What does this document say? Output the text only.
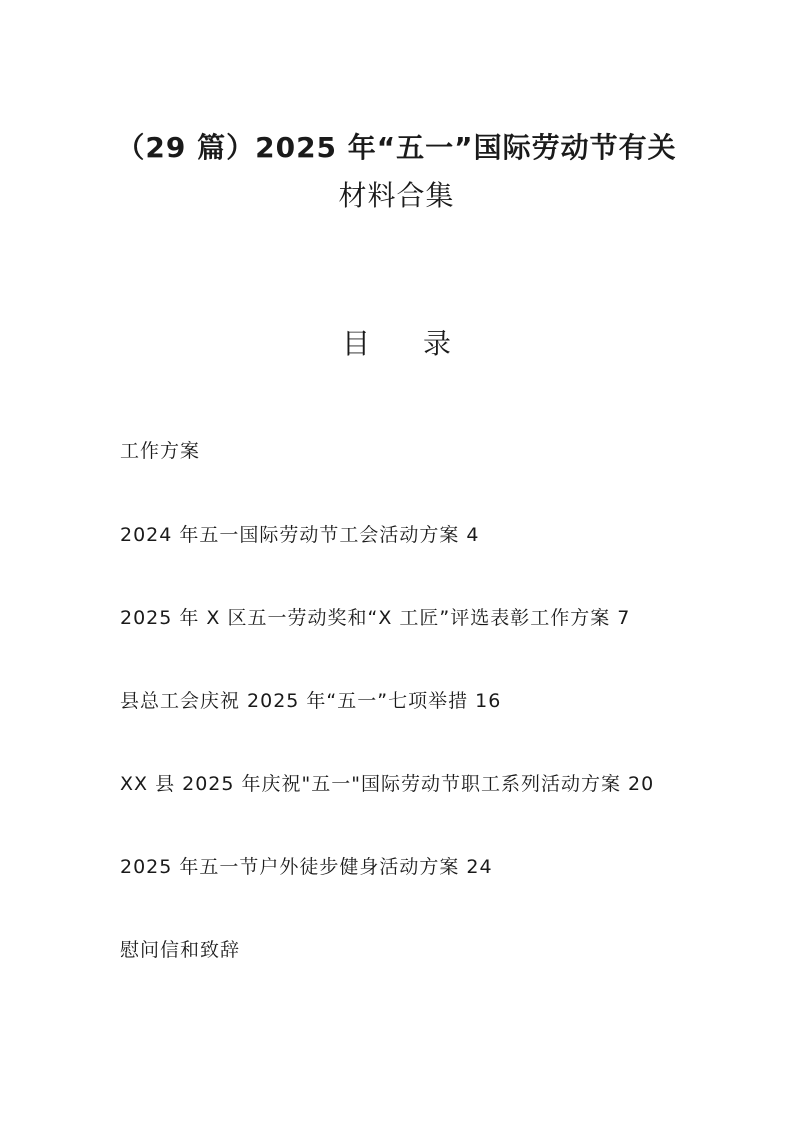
（29 篇）2025 年“五一”国际劳动节有关
材料合集
目 录
工作方案
2024 年五一国际劳动节工会活动方案 4
2025 年 X 区五一劳动奖和“X 工匠”评选表彰工作方案 7
县总工会庆祝 2025 年“五一”七项举措 16
XX 县 2025 年庆祝"五一"国际劳动节职工系列活动方案 20
2025 年五一节户外徒步健身活动方案 24
慰问信和致辞
